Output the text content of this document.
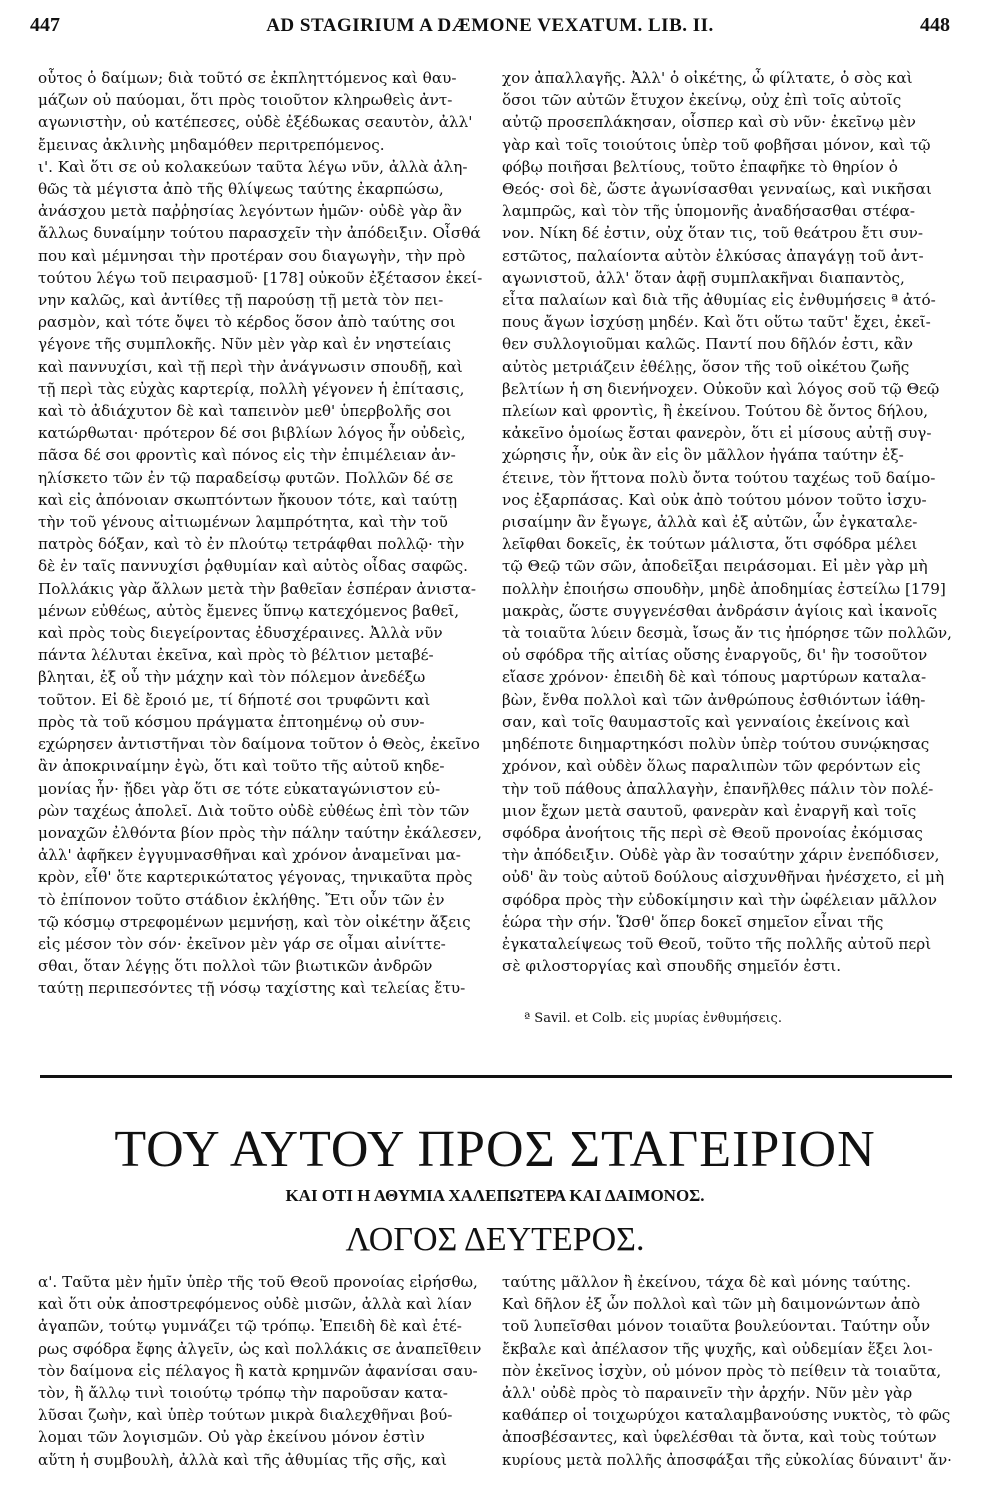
447	AD STAGIRIUM A DÆMONE VEXATUM. LIB. II.	448
οὗτος ὁ δαίμων; διὰ τοῦτό σε ἐκπληττόμενος καὶ θαυ-
μάζων οὐ παύομαι, ὅτι πρὸς τοιοῦτον κληρωθεὶς ἀντ-
αγωνιστὴν, οὐ κατέπεσες, οὐδὲ ἐξέδωκας σεαυτὸν, ἀλλ'
ἔμεινας ἀκλινὴς μηδαμόθεν περιτρεπόμενος.
ι'. Καὶ ὅτι σε οὐ κολακεύων ταῦτα λέγω νῦν, ἀλλὰ ἀλη-
θῶς τὰ μέγιστα ἀπὸ τῆς θλίψεως ταύτης ἐκαρπώσω,
ἀνάσχου μετὰ παῤῥησίας λεγόντων ἡμῶν· οὐδὲ γὰρ ἂν
ἄλλως δυναίμην τούτου παρασχεῖν τὴν ἀπόδειξιν. Οἶσθά
που καὶ μέμνησαι τὴν προτέραν σου διαγωγὴν, τὴν πρὸ
τούτου λέγω τοῦ πειρασμοῦ· [178] οὐκοῦν ἐξέτασον ἐκεί-
νην καλῶς, καὶ ἀντίθες τῇ παρούσῃ τῇ μετὰ τὸν πει-
ρασμὸν, καὶ τότε ὄψει τὸ κέρδος ὅσον ἀπὸ ταύτης σοι
γέγονε τῆς συμπλοκῆς. Νῦν μὲν γὰρ καὶ ἐν νηστείαις
καὶ παννυχίσι, καὶ τῇ περὶ τὴν ἀνάγνωσιν σπουδῇ, καὶ
τῇ περὶ τὰς εὐχὰς καρτερίᾳ, πολλὴ γέγονεν ἡ ἐπίτασις,
καὶ τὸ ἀδιάχυτον δὲ καὶ ταπεινὸν μεθ' ὑπερβολῆς σοι
κατώρθωται· πρότερον δέ σοι βιβλίων λόγος ἦν οὐδεὶς,
πᾶσα δέ σοι φροντὶς καὶ πόνος εἰς τὴν ἐπιμέλειαν ἀν-
ηλίσκετο τῶν ἐν τῷ παραδείσῳ φυτῶν. Πολλῶν δέ σε
καὶ εἰς ἀπόνοιαν σκωπτόντων ἤκουον τότε, καὶ ταύτῃ
τὴν τοῦ γένους αἰτιωμένων λαμπρότητα, καὶ τὴν τοῦ
πατρὸς δόξαν, καὶ τὸ ἐν πλούτῳ τετράφθαι πολλῷ· τὴν
δὲ ἐν ταῖς παννυχίσι ῥᾳθυμίαν καὶ αὐτὸς οἶδας σαφῶς.
Πολλάκις γὰρ ἄλλων μετὰ τὴν βαθεῖαν ἑσπέραν ἀνιστα-
μένων εὐθέως, αὐτὸς ἔμενες ὕπνῳ κατεχόμενος βαθεῖ,
καὶ πρὸς τοὺς διεγείροντας ἐδυσχέραινες. Ἀλλὰ νῦν
πάντα λέλυται ἐκεῖνα, καὶ πρὸς τὸ βέλτιον μεταβέ-
βληται, ἐξ οὗ τὴν μάχην καὶ τὸν πόλεμον ἀνεδέξω
τοῦτον. Εἰ δὲ ἔροιό με, τί δήποτέ σοι τρυφῶντι καὶ
πρὸς τὰ τοῦ κόσμου πράγματα ἐπτοημένῳ οὐ συν-
εχώρησεν ἀντιστῆναι τὸν δαίμονα τοῦτον ὁ Θεὸς, ἐκεῖνο
ἂν ἀποκριναίμην ἐγὼ, ὅτι καὶ τοῦτο τῆς αὐτοῦ κηδε-
μονίας ἦν· ᾔδει γὰρ ὅτι σε τότε εὐκαταγώνιστον εὑ-
ρὼν ταχέως ἀπολεῖ. Διὰ τοῦτο οὐδὲ εὐθέως ἐπὶ τὸν τῶν
μοναχῶν ἐλθόντα βίον πρὸς τὴν πάλην ταύτην ἐκάλεσεν,
ἀλλ' ἀφῆκεν ἐγγυμνασθῆναι καὶ χρόνον ἀναμεῖναι μα-
κρὸν, εἶθ' ὅτε καρτερικώτατος γέγονας, τηνικαῦτα πρὸς
τὸ ἐπίπονον τοῦτο στάδιον ἐκλήθης. Ἔτι οὖν τῶν ἐν
τῷ κόσμῳ στρεφομένων μεμνήσῃ, καὶ τὸν οἰκέτην ἄξεις
εἰς μέσον τὸν σόν· ἐκεῖνον μὲν γάρ σε οἶμαι αἰνίττε-
σθαι, ὅταν λέγῃς ὅτι πολλοὶ τῶν βιωτικῶν ἀνδρῶν
ταύτῃ περιπεσόντες τῇ νόσῳ ταχίστης καὶ τελείας ἔτυ-
χον ἀπαλλαγῆς. Ἀλλ' ὁ οἰκέτης, ὦ φίλτατε, ὁ σὸς καὶ
ὅσοι τῶν αὐτῶν ἔτυχον ἐκείνῳ, οὐχ ἐπὶ τοῖς αὐτοῖς
αὐτῷ προσεπλάκησαν, οἷσπερ καὶ σὺ νῦν· ἐκεῖνῳ μὲν
γὰρ καὶ τοῖς τοιούτοις ὑπὲρ τοῦ φοβῆσαι μόνον, καὶ τῷ
φόβῳ ποιῆσαι βελτίους, τοῦτο ἐπαφῆκε τὸ θηρίον ὁ
Θεός· σοὶ δὲ, ὥστε ἀγωνίσασθαι γενναίως, καὶ νικῆσαι
λαμπρῶς, καὶ τὸν τῆς ὑπομονῆς ἀναδήσασθαι στέφα-
νον. Νίκη δέ ἐστιν, οὐχ ὅταν τις, τοῦ θεάτρου ἔτι συν-
εστῶτος, παλαίοντα αὐτὸν ἑλκύσας ἀπαγάγῃ τοῦ ἀντ-
αγωνιστοῦ, ἀλλ' ὅταν ἀφῇ συμπλακῆναι διαπαντὸς,
εἶτα παλαίων καὶ διὰ τῆς ἀθυμίας εἰς ἐνθυμήσεις ª ἀτό-
πους ἄγων ἰσχύσῃ μηδέν. Καὶ ὅτι οὕτω ταῦτ' ἔχει, ἐκεῖ-
θεν συλλογιοῦμαι καλῶς. Παντί που δῆλόν ἐστι, κἂν
αὐτὸς μετριάζειν ἐθέλῃς, ὅσον τῆς τοῦ οἰκέτου ζωῆς
βελτίων ἡ ση διενήνοχεν. Οὐκοῦν καὶ λόγος σοῦ τῷ Θεῷ
πλείων καὶ φροντὶς, ἢ ἐκείνου. Τούτου δὲ ὄντος δήλου,
κἀκεῖνο ὁμοίως ἔσται φανερὸν, ὅτι εἰ μίσους αὐτῇ συγ-
χώρησις ἦν, οὐκ ἂν εἰς ὃν μᾶλλον ἠγάπα ταύτην ἐξ-
έτεινε, τὸν ἥττονα πολὺ ὄντα τούτου ταχέως τοῦ δαίμο-
νος ἐξαρπάσας. Καὶ οὐκ ἀπὸ τούτου μόνον τοῦτο ἰσχυ-
ρισαίμην ἂν ἔγωγε, ἀλλὰ καὶ ἐξ αὐτῶν, ὧν ἐγκαταλε-
λεῖφθαι δοκεῖς, ἐκ τούτων μάλιστα, ὅτι σφόδρα μέλει
τῷ Θεῷ τῶν σῶν, ἀποδεῖξαι πειράσομαι. Εἰ μὲν γὰρ μὴ
πολλὴν ἐποιήσω σπουδὴν, μηδὲ ἀποδημίας ἐστείλω [179]
μακρὰς, ὥστε συγγενέσθαι ἀνδράσιν ἁγίοις καὶ ἱκανοῖς
τὰ τοιαῦτα λύειν δεσμὰ, ἴσως ἄν τις ἠπόρησε τῶν πολλῶν,
οὐ σφόδρα τῆς αἰτίας οὔσης ἐναργοῦς, δι' ἣν τοσοῦτον
εἴασε χρόνον· ἐπειδὴ δὲ καὶ τόπους μαρτύρων καταλα-
βὼν, ἔνθα πολλοὶ καὶ τῶν ἀνθρώπους ἐσθιόντων ἰάθη-
σαν, καὶ τοῖς θαυμαστοῖς καὶ γενναίοις ἐκείνοις καὶ
μηδέποτε διημαρτηκόσι πολὺν ὑπὲρ τούτου συνῴκησας
χρόνον, καὶ οὐδὲν ὅλως παραλιπὼν τῶν φερόντων εἰς
τὴν τοῦ πάθους ἀπαλλαγὴν, ἐπανῆλθες πάλιν τὸν πολέ-
μιον ἔχων μετὰ σαυτοῦ, φανερὰν καὶ ἐναργῆ καὶ τοῖς
σφόδρα ἀνοήτοις τῆς περὶ σὲ Θεοῦ προνοίας ἐκόμισας
τὴν ἀπόδειξιν. Οὐδὲ γὰρ ἂν τοσαύτην χάριν ἐνεπόδισεν,
οὐδ' ἂν τοὺς αὐτοῦ δούλους αἰσχυνθῆναι ἠνέσχετο, εἰ μὴ
σφόδρα πρὸς τὴν εὐδοκίμησιν καὶ τὴν ὠφέλειαν μᾶλλον
ἑώρα τὴν σήν. Ὥσθ' ὅπερ δοκεῖ σημεῖον εἶναι τῆς
ἐγκαταλείψεως τοῦ Θεοῦ, τοῦτο τῆς πολλῆς αὐτοῦ περὶ
σὲ φιλοστοργίας καὶ σπουδῆς σημεῖόν ἐστι.
ª Savil. et Colb. εἰς μυρίας ἐνθυμήσεις.
ΤΟΥ ΑΥΤΟΥ ΠΡΟΣ ΣΤΑΓΕΙΡΙΟΝ
ΚΑΙ ΟΤΙ Η ΑΘΥΜΙΑ ΧΑΛΕΠΩΤΕΡΑ ΚΑΙ ΔΑΙΜΟΝΟΣ.
ΛΟΓΟΣ ΔΕΥΤΕΡΟΣ.
α'. Ταῦτα μὲν ἡμῖν ὑπὲρ τῆς τοῦ Θεοῦ προνοίας εἰρήσθω,
καὶ ὅτι οὐκ ἀποστρεφόμενος οὐδὲ μισῶν, ἀλλὰ καὶ λίαν
ἀγαπῶν, τούτῳ γυμνάζει τῷ τρόπῳ. Ἐπειδὴ δὲ καὶ ἑτέ-
ρως σφόδρα ἔφης ἀλγεῖν, ὡς καὶ πολλάκις σε ἀναπεῖθειν
τὸν δαίμονα εἰς πέλαγος ἢ κατὰ κρημνῶν ἀφανίσαι σαυ-
τὸν, ἢ ἄλλῳ τινὶ τοιούτῳ τρόπῳ τὴν παροῦσαν κατα-
λῦσαι ζωὴν, καὶ ὑπὲρ τούτων μικρὰ διαλεχθῆναι βού-
λομαι τῶν λογισμῶν. Οὐ γὰρ ἐκείνου μόνον ἐστὶν
αὕτη ἡ συμβουλὴ, ἀλλὰ καὶ τῆς ἀθυμίας τῆς σῆς, καὶ
ταύτης μᾶλλον ἢ ἐκείνου, τάχα δὲ καὶ μόνης ταύτης.
Καὶ δῆλον ἐξ ὧν πολλοὶ καὶ τῶν μὴ δαιμονώντων ἀπὸ
τοῦ λυπεῖσθαι μόνον τοιαῦτα βουλεύονται. Ταύτην οὖν
ἔκβαλε καὶ ἀπέλασον τῆς ψυχῆς, καὶ οὐδεμίαν ἕξει λοι-
πὸν ἐκεῖνος ἰσχὺν, οὐ μόνον πρὸς τὸ πείθειν τὰ τοιαῦτα,
ἀλλ' οὐδὲ πρὸς τὸ παραινεῖν τὴν ἀρχήν. Νῦν μὲν γὰρ
καθάπερ οἱ τοιχωρύχοι καταλαμβανούσης νυκτὸς, τὸ φῶς
ἀποσβέσαντες, καὶ ὑφελέσθαι τὰ ὄντα, καὶ τοὺς τούτων
κυρίους μετὰ πολλῆς ἀποσφάξαι τῆς εὐκολίας δύναιντ' ἄν·
